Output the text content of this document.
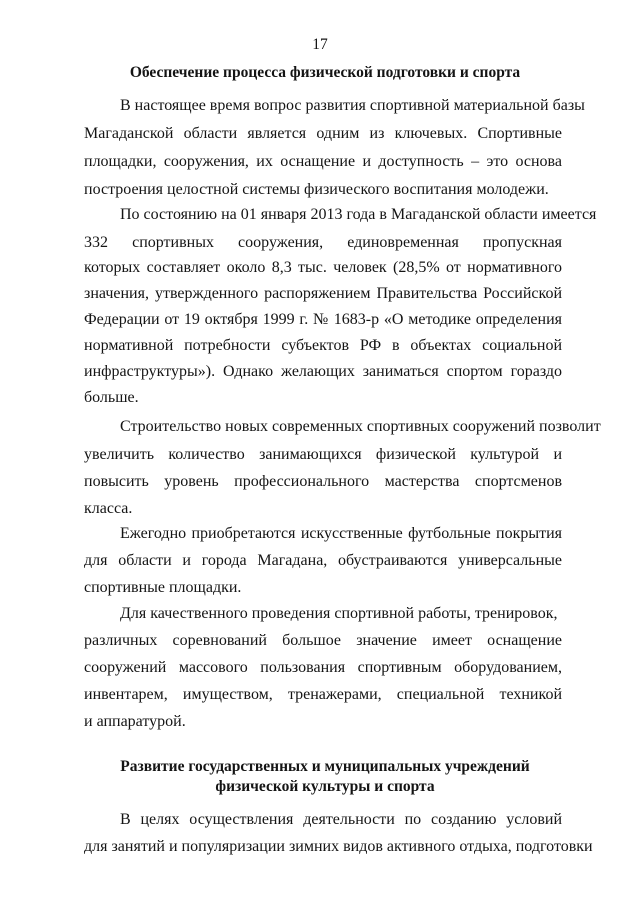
17
Обеспечение процесса физической подготовки и спорта
В настоящее время вопрос развития спортивной материальной базы
Магаданской области является одним из ключевых. Спортивные
площадки, сооружения, их оснащение и доступность – это основа
построения целостной системы физического воспитания молодежи.
По состоянию на 01 января 2013 года в Магаданской области имеется
332 спортивных сооружения, единовременная пропускная
которых составляет около 8,3 тыс. человек (28,5% от нормативного
значения, утвержденного распоряжением Правительства Российской
Федерации от 19 октября 1999 г. № 1683-р «О методике определения
нормативной потребности субъектов РФ в объектах социальной
инфраструктуры»). Однако желающих заниматься спортом гораздо
больше.
Строительство новых современных спортивных сооружений позволит
увеличить количество занимающихся физической культурой и
повысить уровень профессионального мастерства спортсменов
класса.
Ежегодно приобретаются искусственные футбольные покрытия
для области и города Магадана, обустраиваются универсальные
спортивные площадки.
Для качественного проведения спортивной работы, тренировок,
различных соревнований большое значение имеет оснащение
сооружений массового пользования спортивным оборудованием,
инвентарем, имуществом, тренажерами, специальной техникой
и аппаратурой.
Развитие государственных и муниципальных учреждений
физической культуры и спорта
В целях осуществления деятельности по созданию условий
для занятий и популяризации зимних видов активного отдыха, подготовки
